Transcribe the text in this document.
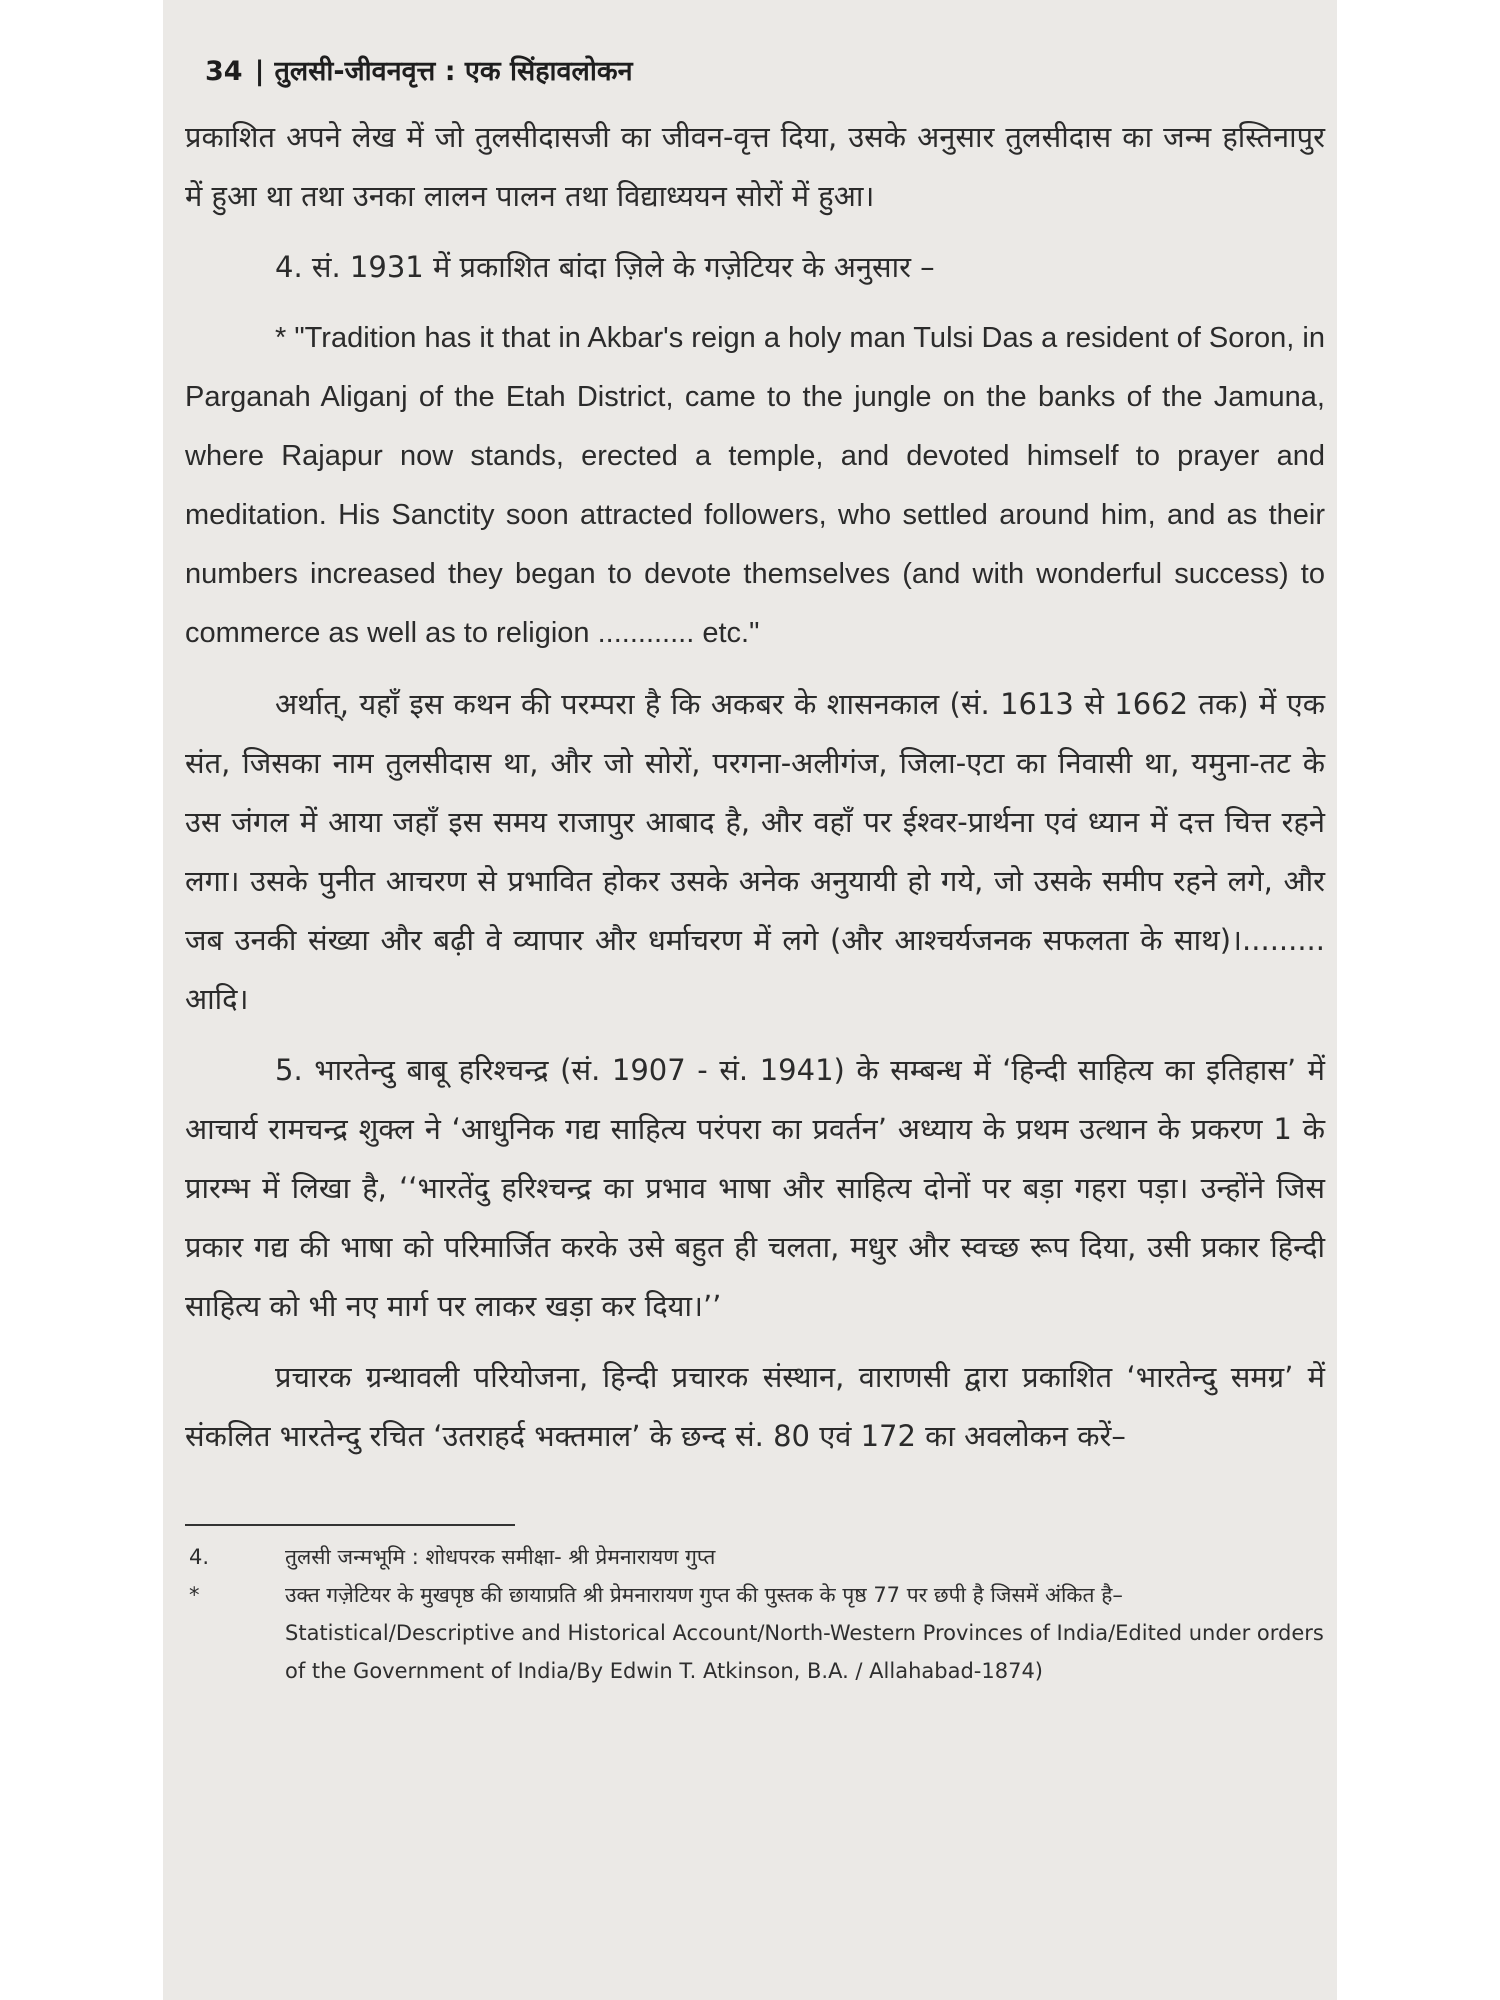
34 | तुलसी-जीवनवृत्त : एक सिंहावलोकन

प्रकाशित अपने लेख में जो तुलसीदासजी का जीवन-वृत्त दिया, उसके अनुसार तुलसीदास का जन्म हस्तिनापुर में हुआ था तथा उनका लालन पालन तथा विद्याध्ययन सोरों में हुआ।

4. सं. 1931 में प्रकाशित बांदा ज़िले के गज़ेटियर के अनुसार –

* "Tradition has it that in Akbar's reign a holy man Tulsi Das a resident of Soron, in Parganah Aliganj of the Etah District, came to the jungle on the banks of the Jamuna, where Rajapur now stands, erected a temple, and devoted himself to prayer and meditation. His Sanctity soon attracted followers, who settled around him, and as their numbers increased they began to devote themselves (and with wonderful success) to commerce as well as to religion ............ etc."

अर्थात्, यहाँ इस कथन की परम्परा है कि अकबर के शासनकाल (सं. 1613 से 1662 तक) में एक संत, जिसका नाम तुलसीदास था, और जो सोरों, परगना-अलीगंज, जिला-एटा का निवासी था, यमुना-तट के उस जंगल में आया जहाँ इस समय राजापुर आबाद है, और वहाँ पर ईश्वर-प्रार्थना एवं ध्यान में दत्त चित्त रहने लगा। उसके पुनीत आचरण से प्रभावित होकर उसके अनेक अनुयायी हो गये, जो उसके समीप रहने लगे, और जब उनकी संख्या और बढ़ी वे व्यापार और धर्माचरण में लगे (और आश्चर्यजनक सफलता के साथ)।......... आदि।

5. भारतेन्दु बाबू हरिश्चन्द्र (सं. 1907 - सं. 1941) के सम्बन्ध में ‘हिन्दी साहित्य का इतिहास’ में आचार्य रामचन्द्र शुक्ल ने ‘आधुनिक गद्य साहित्य परंपरा का प्रवर्तन’ अध्याय के प्रथम उत्थान के प्रकरण 1 के प्रारम्भ में लिखा है, ‘‘भारतेंदु हरिश्चन्द्र का प्रभाव भाषा और साहित्य दोनों पर बड़ा गहरा पड़ा। उन्होंने जिस प्रकार गद्य की भाषा को परिमार्जित करके उसे बहुत ही चलता, मधुर और स्वच्छ रूप दिया, उसी प्रकार हिन्दी साहित्य को भी नए मार्ग पर लाकर खड़ा कर दिया।’’

प्रचारक ग्रन्थावली परियोजना, हिन्दी प्रचारक संस्थान, वाराणसी द्वारा प्रकाशित ‘भारतेन्दु समग्र’ में संकलित भारतेन्दु रचित ‘उतराहर्द भक्तमाल’ के छन्द सं. 80 एवं 172 का अवलोकन करें–

4.	तुलसी जन्मभूमि : शोधपरक समीक्षा- श्री प्रेमनारायण गुप्त
*	उक्त गज़ेटियर के मुखपृष्ठ की छायाप्रति श्री प्रेमनारायण गुप्त की पुस्तक के पृष्ठ 77 पर छपी है जिसमें अंकित है– Statistical/Descriptive and Historical Account/North-Western Provinces of India/Edited under orders of the Government of India/By Edwin T. Atkinson, B.A. / Allahabad-1874)
